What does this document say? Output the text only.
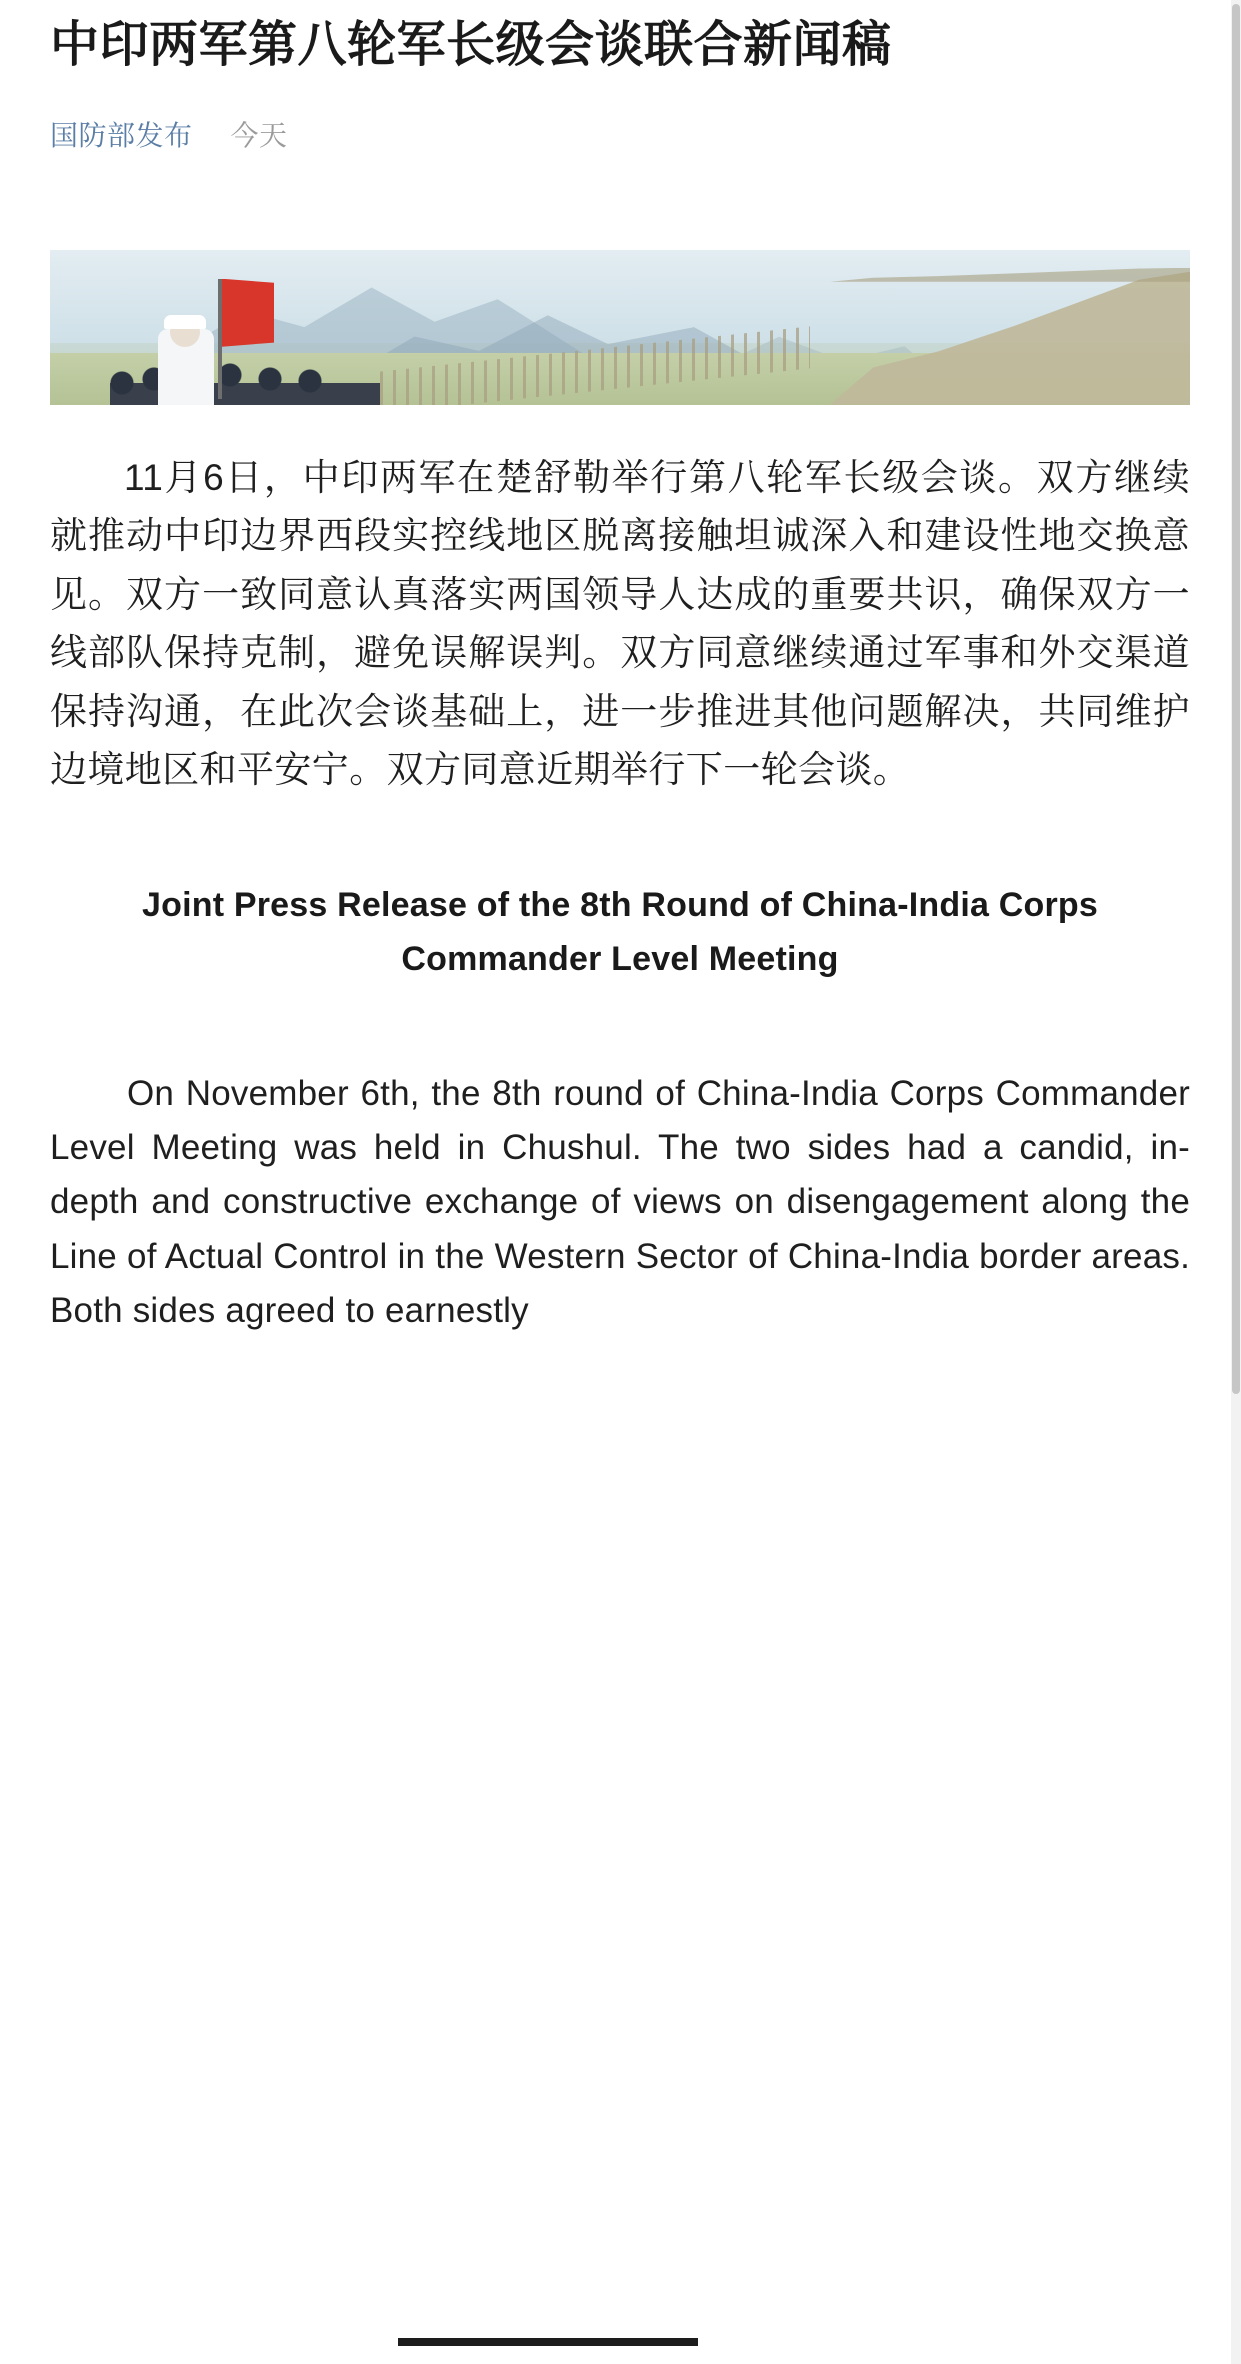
中印两军第八轮军长级会谈联合新闻稿
国防部发布 今天

11月6日，中印两军在楚舒勒举行第八轮军长级会谈。双方继续就推动中印边界西段实控线地区脱离接触坦诚深入和建设性地交换意见。双方一致同意认真落实两国领导人达成的重要共识，确保双方一线部队保持克制，避免误解误判。双方同意继续通过军事和外交渠道保持沟通，在此次会谈基础上，进一步推进其他问题解决，共同维护边境地区和平安宁。双方同意近期举行下一轮会谈。

Joint Press Release of the 8th Round of China-India Corps Commander Level Meeting

On November 6th, the 8th round of China-India Corps Commander Level Meeting was held in Chushul. The two sides had a candid, in-depth and constructive exchange of views on disengagement along the Line of Actual Control in the Western Sector of China-India border areas. Both sides agreed to earnestly
